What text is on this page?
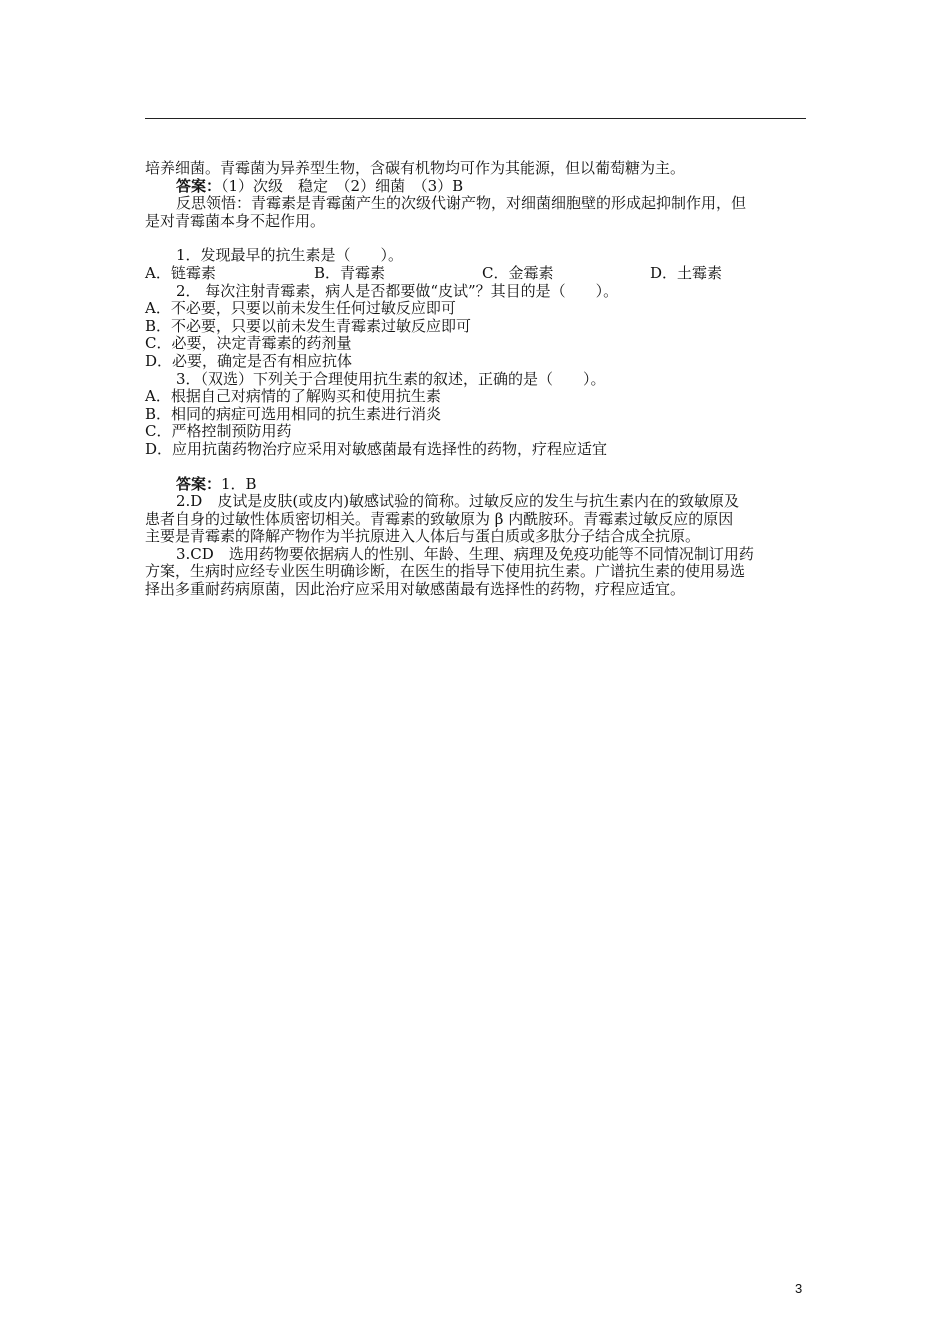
培养细菌。青霉菌为异养型生物，含碳有机物均可作为其能源，但以葡萄糖为主。

答案：（1）次级　稳定　（2）细菌　（3）B

反思领悟：青霉素是青霉菌产生的次级代谢产物，对细菌细胞壁的形成起抑制作用，但

是对青霉菌本身不起作用。

1．发现最早的抗生素是（　　）。

A．链霉素	B．青霉素	C．金霉素	D．土霉素

2． 每次注射青霉素，病人是否都要做“皮试”？其目的是（　　）。

A．不必要，只要以前未发生任何过敏反应即可

B．不必要，只要以前未发生青霉素过敏反应即可

C．必要，决定青霉素的药剂量

D．必要，确定是否有相应抗体

3．（双选）下列关于合理使用抗生素的叙述，正确的是（　　）。

A．根据自己对病情的了解购买和使用抗生素

B．相同的病症可选用相同的抗生素进行消炎

C．严格控制预防用药

D．应用抗菌药物治疗应采用对敏感菌最有选择性的药物，疗程应适宜

答案：1．B

2.D　皮试是皮肤(或皮内)敏感试验的简称。过敏反应的发生与抗生素内在的致敏原及

患者自身的过敏性体质密切相关。青霉素的致敏原为 β 内酰胺环。青霉素过敏反应的原因

主要是青霉素的降解产物作为半抗原进入人体后与蛋白质或多肽分子结合成全抗原。

3.CD　选用药物要依据病人的性别、年龄、生理、病理及免疫功能等不同情况制订用药

方案，生病时应经专业医生明确诊断，在医生的指导下使用抗生素。广谱抗生素的使用易选

择出多重耐药病原菌，因此治疗应采用对敏感菌最有选择性的药物，疗程应适宜。

3
